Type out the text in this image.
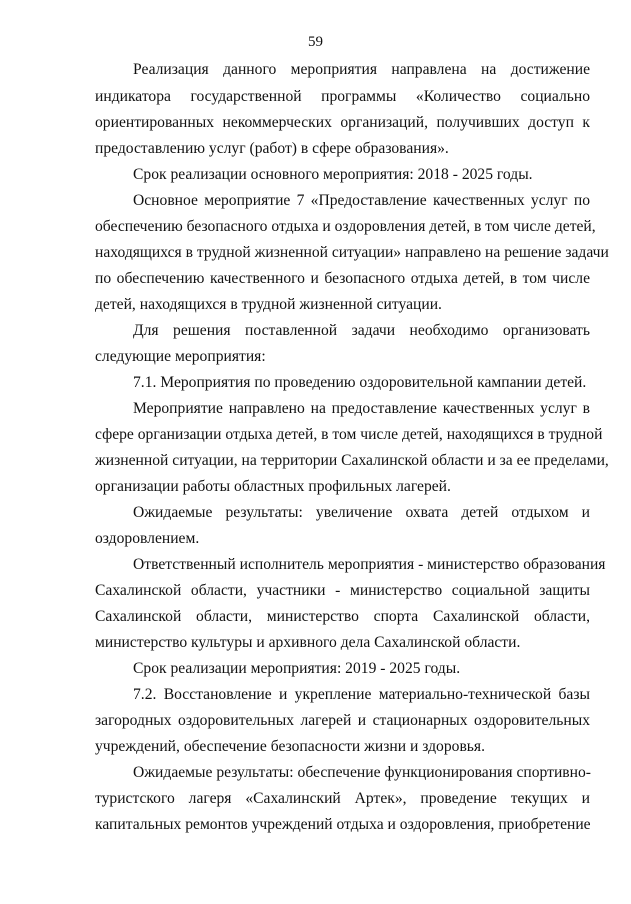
59
Реализация данного мероприятия направлена на достижение
индикатора государственной программы «Количество социально
ориентированных некоммерческих организаций, получивших доступ к
предоставлению услуг (работ) в сфере образования».
Срок реализации основного мероприятия: 2018 - 2025 годы.
Основное мероприятие 7 «Предоставление качественных услуг по
обеспечению безопасного отдыха и оздоровления детей, в том числе детей,
находящихся в трудной жизненной ситуации» направлено на решение задачи
по обеспечению качественного и безопасного отдыха детей, в том числе
детей, находящихся в трудной жизненной ситуации.
Для решения поставленной задачи необходимо организовать
следующие мероприятия:
7.1. Мероприятия по проведению оздоровительной кампании детей.
Мероприятие направлено на предоставление качественных услуг в
сфере организации отдыха детей, в том числе детей, находящихся в трудной
жизненной ситуации, на территории Сахалинской области и за ее пределами,
организации работы областных профильных лагерей.
Ожидаемые результаты: увеличение охвата детей отдыхом и
оздоровлением.
Ответственный исполнитель мероприятия - министерство образования
Сахалинской области, участники - министерство социальной защиты
Сахалинской области, министерство спорта Сахалинской области,
министерство культуры и архивного дела Сахалинской области.
Срок реализации мероприятия: 2019 - 2025 годы.
7.2. Восстановление и укрепление материально-технической базы
загородных оздоровительных лагерей и стационарных оздоровительных
учреждений, обеспечение безопасности жизни и здоровья.
Ожидаемые результаты: обеспечение функционирования спортивно-
туристского лагеря «Сахалинский Артек», проведение текущих и
капитальных ремонтов учреждений отдыха и оздоровления, приобретение
